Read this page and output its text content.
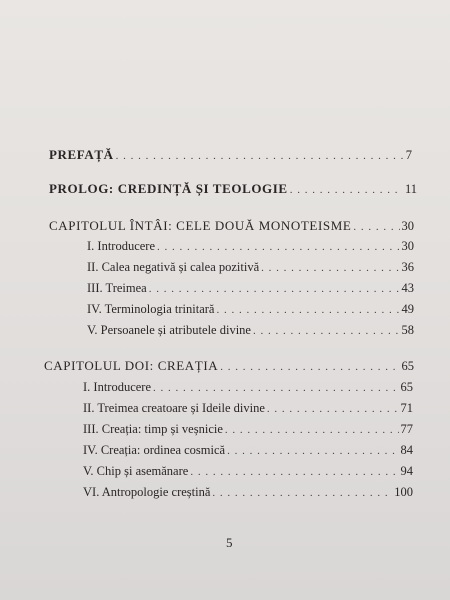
PREFAȚĂ . . .	7
PROLOG: CREDINȚĂ ȘI TEOLOGIE . . .	11
CAPITOLUL ÎNTÂI: CELE DOUĂ MONOTEISME . . .	30
I. Introducere . . .	30
II. Calea negativă și calea pozitivă . . .	36
III. Treimea . . .	43
IV. Terminologia trinitară . . .	49
V. Persoanele și atributele divine . . .	58
CAPITOLUL DOI: CREAȚIA . . .	65
I. Introducere . . .	65
II. Treimea creatoare și Ideile divine . . .	71
III. Creația: timp și veșnicie . . .	77
IV. Creația: ordinea cosmică . . .	84
V. Chip și asemănare . . .	94
VI. Antropologie creștină . . .	100
5
